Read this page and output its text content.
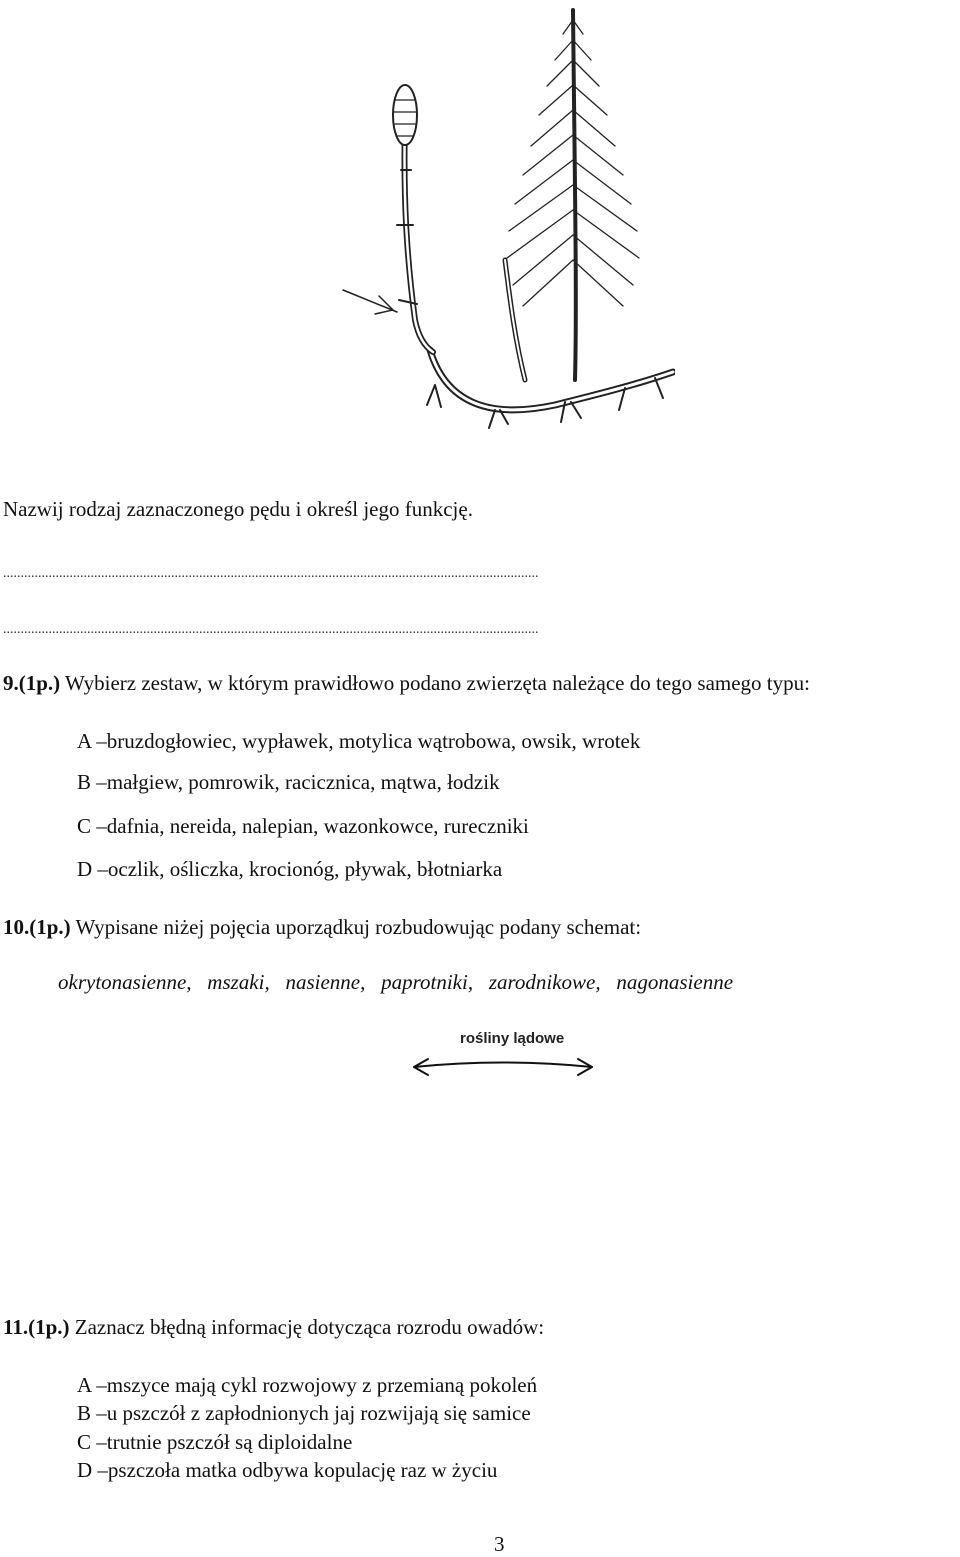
Nazwij rodzaj zaznaczonego pędu i określ jego funkcję.
.........................................................................................................................................................
.........................................................................................................................................................
9.(1p.) Wybierz zestaw, w którym prawidłowo podano zwierzęta należące do tego samego typu:
A –bruzdogłowiec, wypławek, motylica wątrobowa, owsik, wrotek
B –małgiew, pomrowik, racicznica, mątwa, łodzik
C –dafnia, nereida, nalepian, wazonkowce, rureczniki
D –oczlik, ośliczka, krocionóg, pływak, błotniarka
10.(1p.) Wypisane niżej pojęcia uporządkuj rozbudowując podany schemat:
okrytonasienne,   mszaki,   nasienne,   paprotniki,   zarodnikowe,   nagonasienne
rośliny lądowe
11.(1p.) Zaznacz błędną informację dotycząca rozrodu owadów:
A –mszyce mają cykl rozwojowy z przemianą pokoleń
B –u pszczół z zapłodnionych jaj rozwijają się samice
C –trutnie pszczół są diploidalne
D –pszczoła matka odbywa kopulację raz w życiu
3
